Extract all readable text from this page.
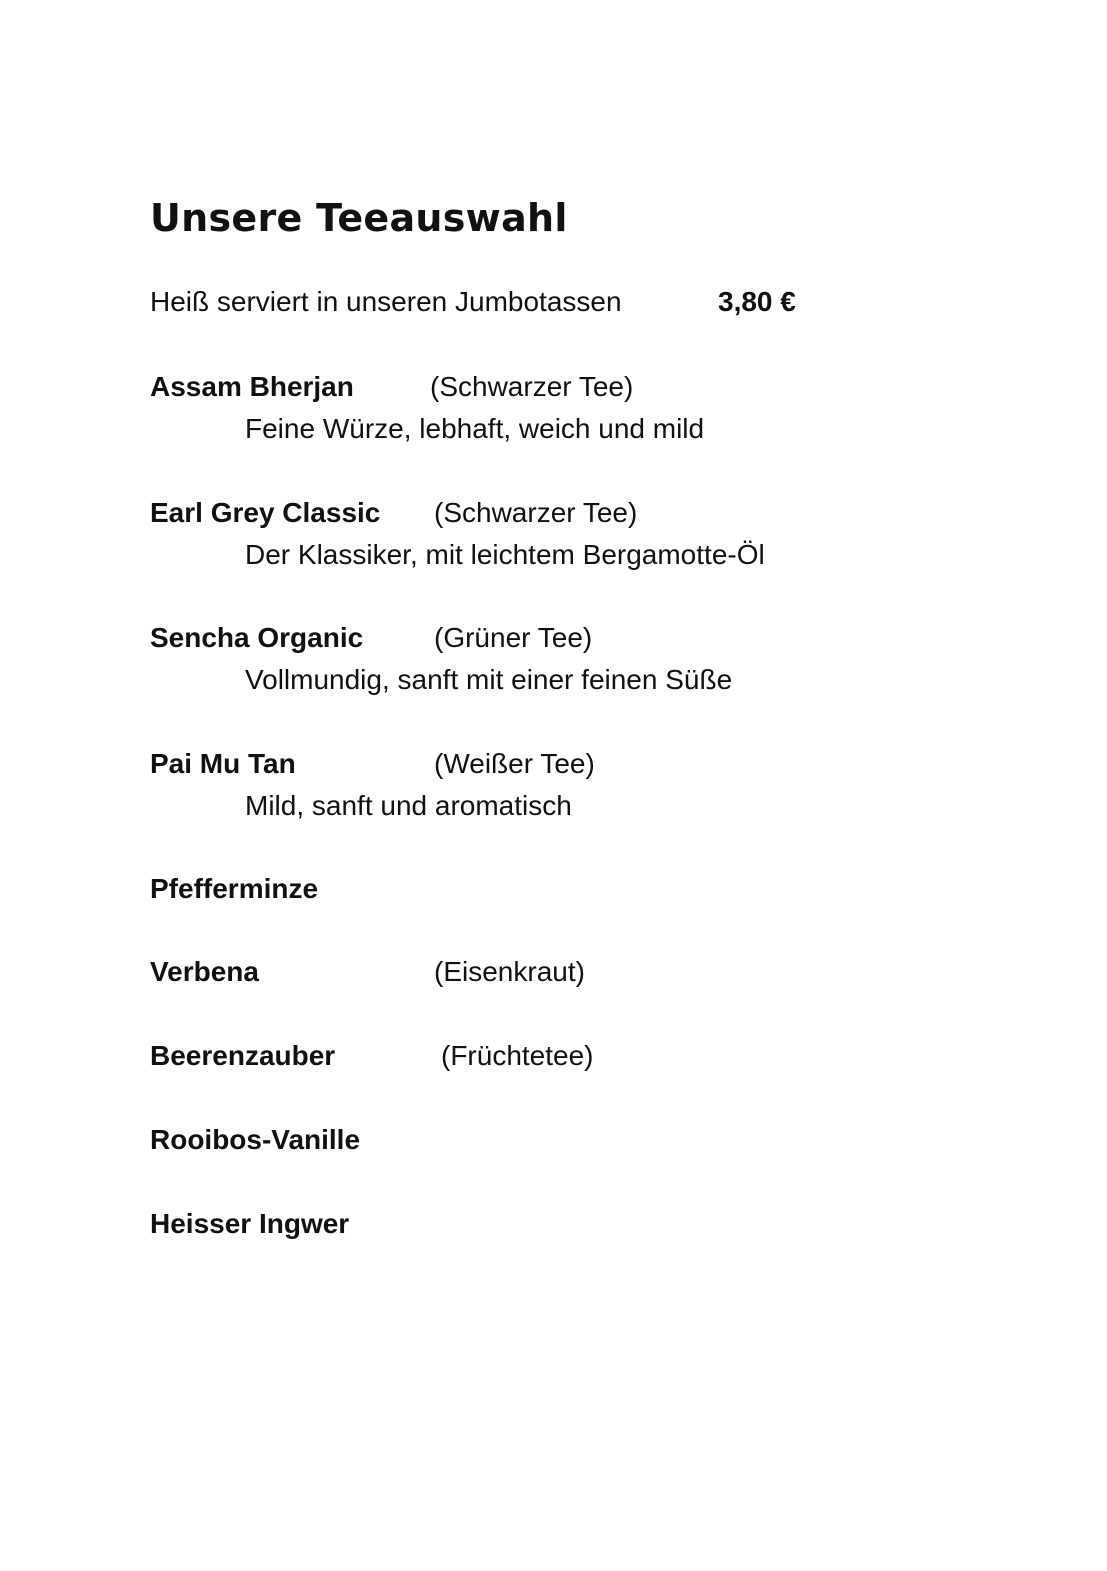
Unsere Teeauswahl
Heiß serviert in unseren Jumbotassen	3,80 €
Assam Bherjan	(Schwarzer Tee)
Feine Würze, lebhaft, weich und mild
Earl Grey Classic (Schwarzer Tee)
Der Klassiker, mit leichtem Bergamotte-Öl
Sencha Organic	(Grüner Tee)
Vollmundig, sanft mit einer feinen Süße
Pai Mu Tan	(Weißer Tee)
Mild, sanft und aromatisch
Pfefferminze
Verbena	(Eisenkraut)
Beerenzauber	(Früchtetee)
Rooibos-Vanille
Heisser Ingwer
